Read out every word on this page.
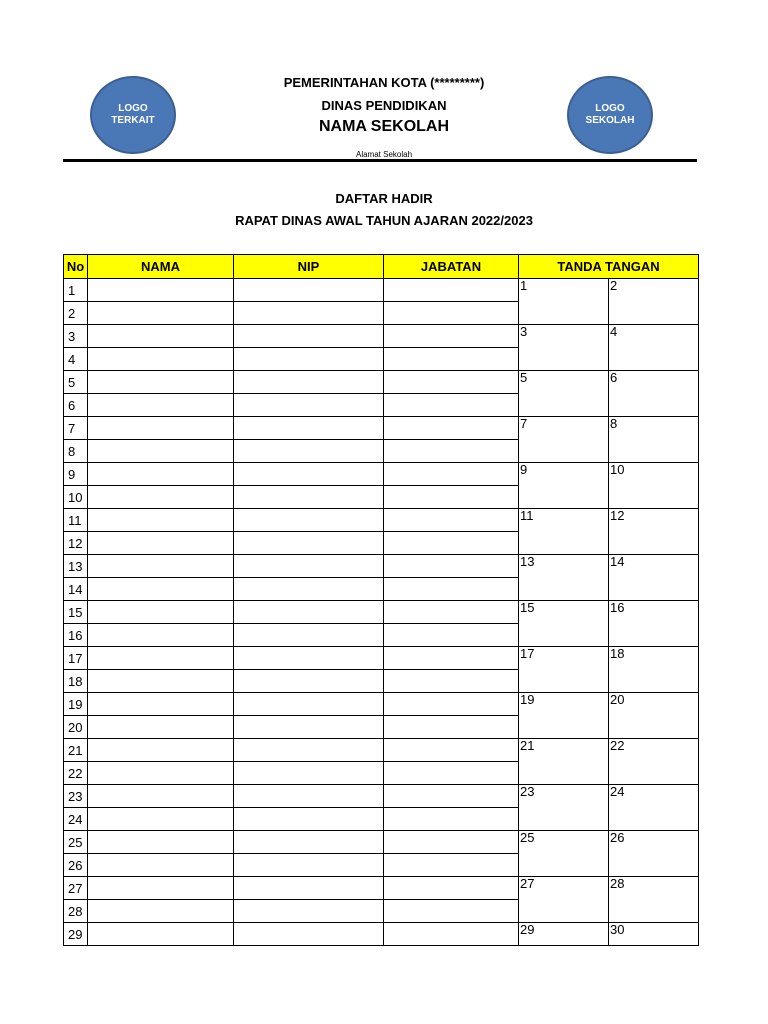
LOGO
TERKAIT
PEMERINTAHAN KOTA (*********)
DINAS PENDIDIKAN
NAMA SEKOLAH
Alamat Sekolah
LOGO
SEKOLAH
DAFTAR HADIR
RAPAT DINAS AWAL TAHUN AJARAN 2022/2023
No	NAMA	NIP	JABATAN	TANDA TANGAN	
1				1	2
2					
3				3	4
4					
5				5	6
6					
7				7	8
8					
9				9	10
10					
11				11	12
12					
13				13	14
14					
15				15	16
16					
17				17	18
18					
19				19	20
20					
21				21	22
22					
23				23	24
24					
25				25	26
26					
27				27	28
28					
29				29	30
